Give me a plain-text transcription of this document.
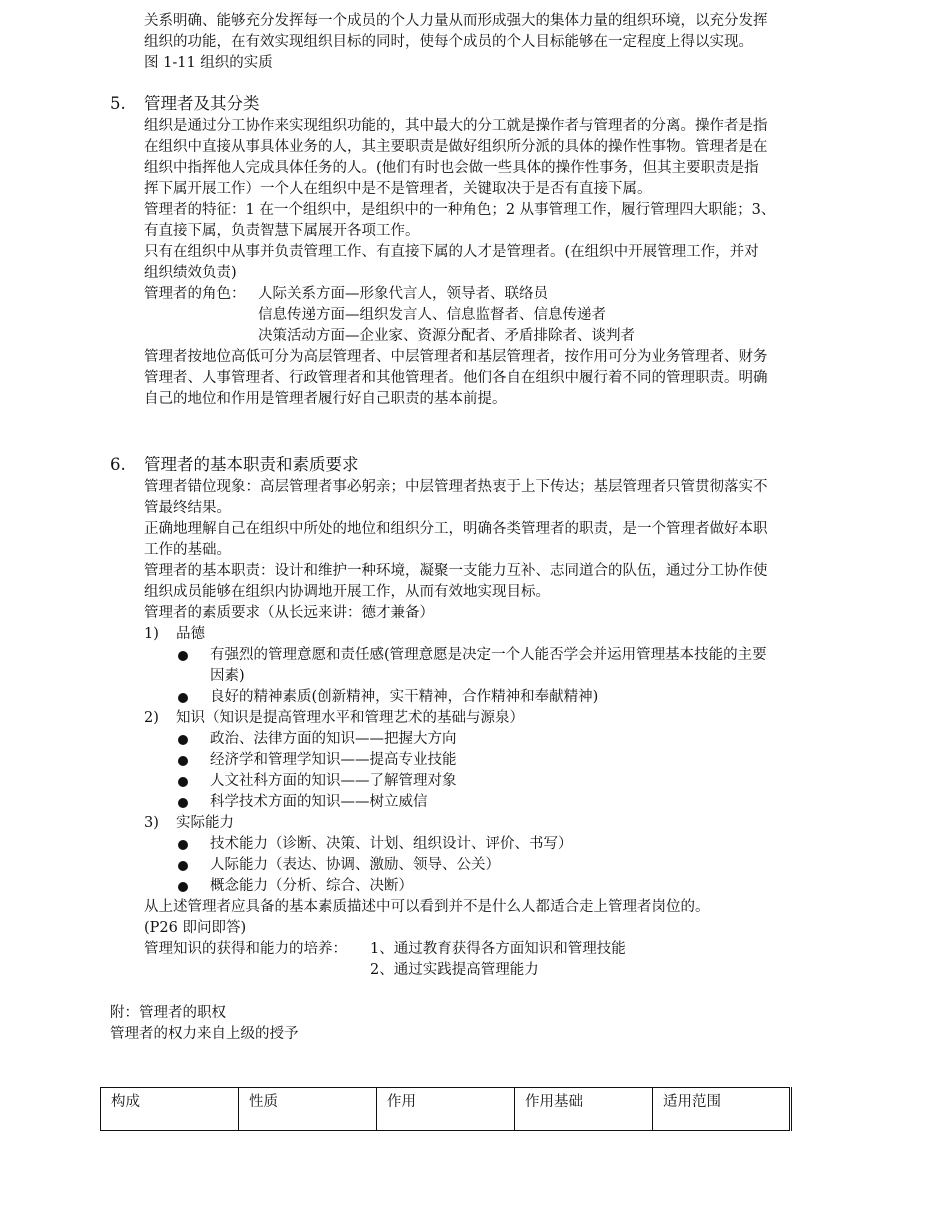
关系明确、能够充分发挥每一个成员的个人力量从而形成强大的集体力量的组织环境，以充分发挥

组织的功能，在有效实现组织目标的同时，使每个成员的个人目标能够在一定程度上得以实现。

图 1-11 组织的实质

5. 管理者及其分类

组织是通过分工协作来实现组织功能的，其中最大的分工就是操作者与管理者的分离。操作者是指

在组织中直接从事具体业务的人，其主要职责是做好组织所分派的具体的操作性事物。管理者是在

组织中指挥他人完成具体任务的人。(他们有时也会做一些具体的操作性事务，但其主要职责是指

挥下属开展工作）一个人在组织中是不是管理者，关键取决于是否有直接下属。

管理者的特征：1 在一个组织中，是组织中的一种角色；2 从事管理工作，履行管理四大职能；3、

有直接下属，负责智慧下属展开各项工作。

只有在组织中从事并负责管理工作、有直接下属的人才是管理者。(在组织中开展管理工作，并对

组织绩效负责)

管理者的角色： 人际关系方面—形象代言人，领导者、联络员

信息传递方面—组织发言人、信息监督者、信息传递者

决策活动方面—企业家、资源分配者、矛盾排除者、谈判者

管理者按地位高低可分为高层管理者、中层管理者和基层管理者，按作用可分为业务管理者、财务

管理者、人事管理者、行政管理者和其他管理者。他们各自在组织中履行着不同的管理职责。明确

自己的地位和作用是管理者履行好自己职责的基本前提。

6. 管理者的基本职责和素质要求

管理者错位现象：高层管理者事必躬亲；中层管理者热衷于上下传达；基层管理者只管贯彻落实不

管最终结果。

正确地理解自己在组织中所处的地位和组织分工，明确各类管理者的职责，是一个管理者做好本职

工作的基础。

管理者的基本职责：设计和维护一种环境，凝聚一支能力互补、志同道合的队伍，通过分工协作使

组织成员能够在组织内协调地开展工作，从而有效地实现目标。

管理者的素质要求（从长远来讲：德才兼备）

1) 品德

有强烈的管理意愿和责任感(管理意愿是决定一个人能否学会并运用管理基本技能的主要

因素)

良好的精神素质(创新精神，实干精神，合作精神和奉献精神)

2) 知识（知识是提高管理水平和管理艺术的基础与源泉）

政治、法律方面的知识——把握大方向

经济学和管理学知识——提高专业技能

人文社科方面的知识——了解管理对象

科学技术方面的知识——树立威信

3) 实际能力

技术能力（诊断、决策、计划、组织设计、评价、书写）

人际能力（表达、协调、激励、领导、公关）

概念能力（分析、综合、决断）

从上述管理者应具备的基本素质描述中可以看到并不是什么人都适合走上管理者岗位的。

(P26 即问即答)

管理知识的获得和能力的培养： 1、通过教育获得各方面知识和管理技能

2、通过实践提高管理能力

附：管理者的职权

管理者的权力来自上级的授予

构成	性质	作用	作用基础	适用范围
